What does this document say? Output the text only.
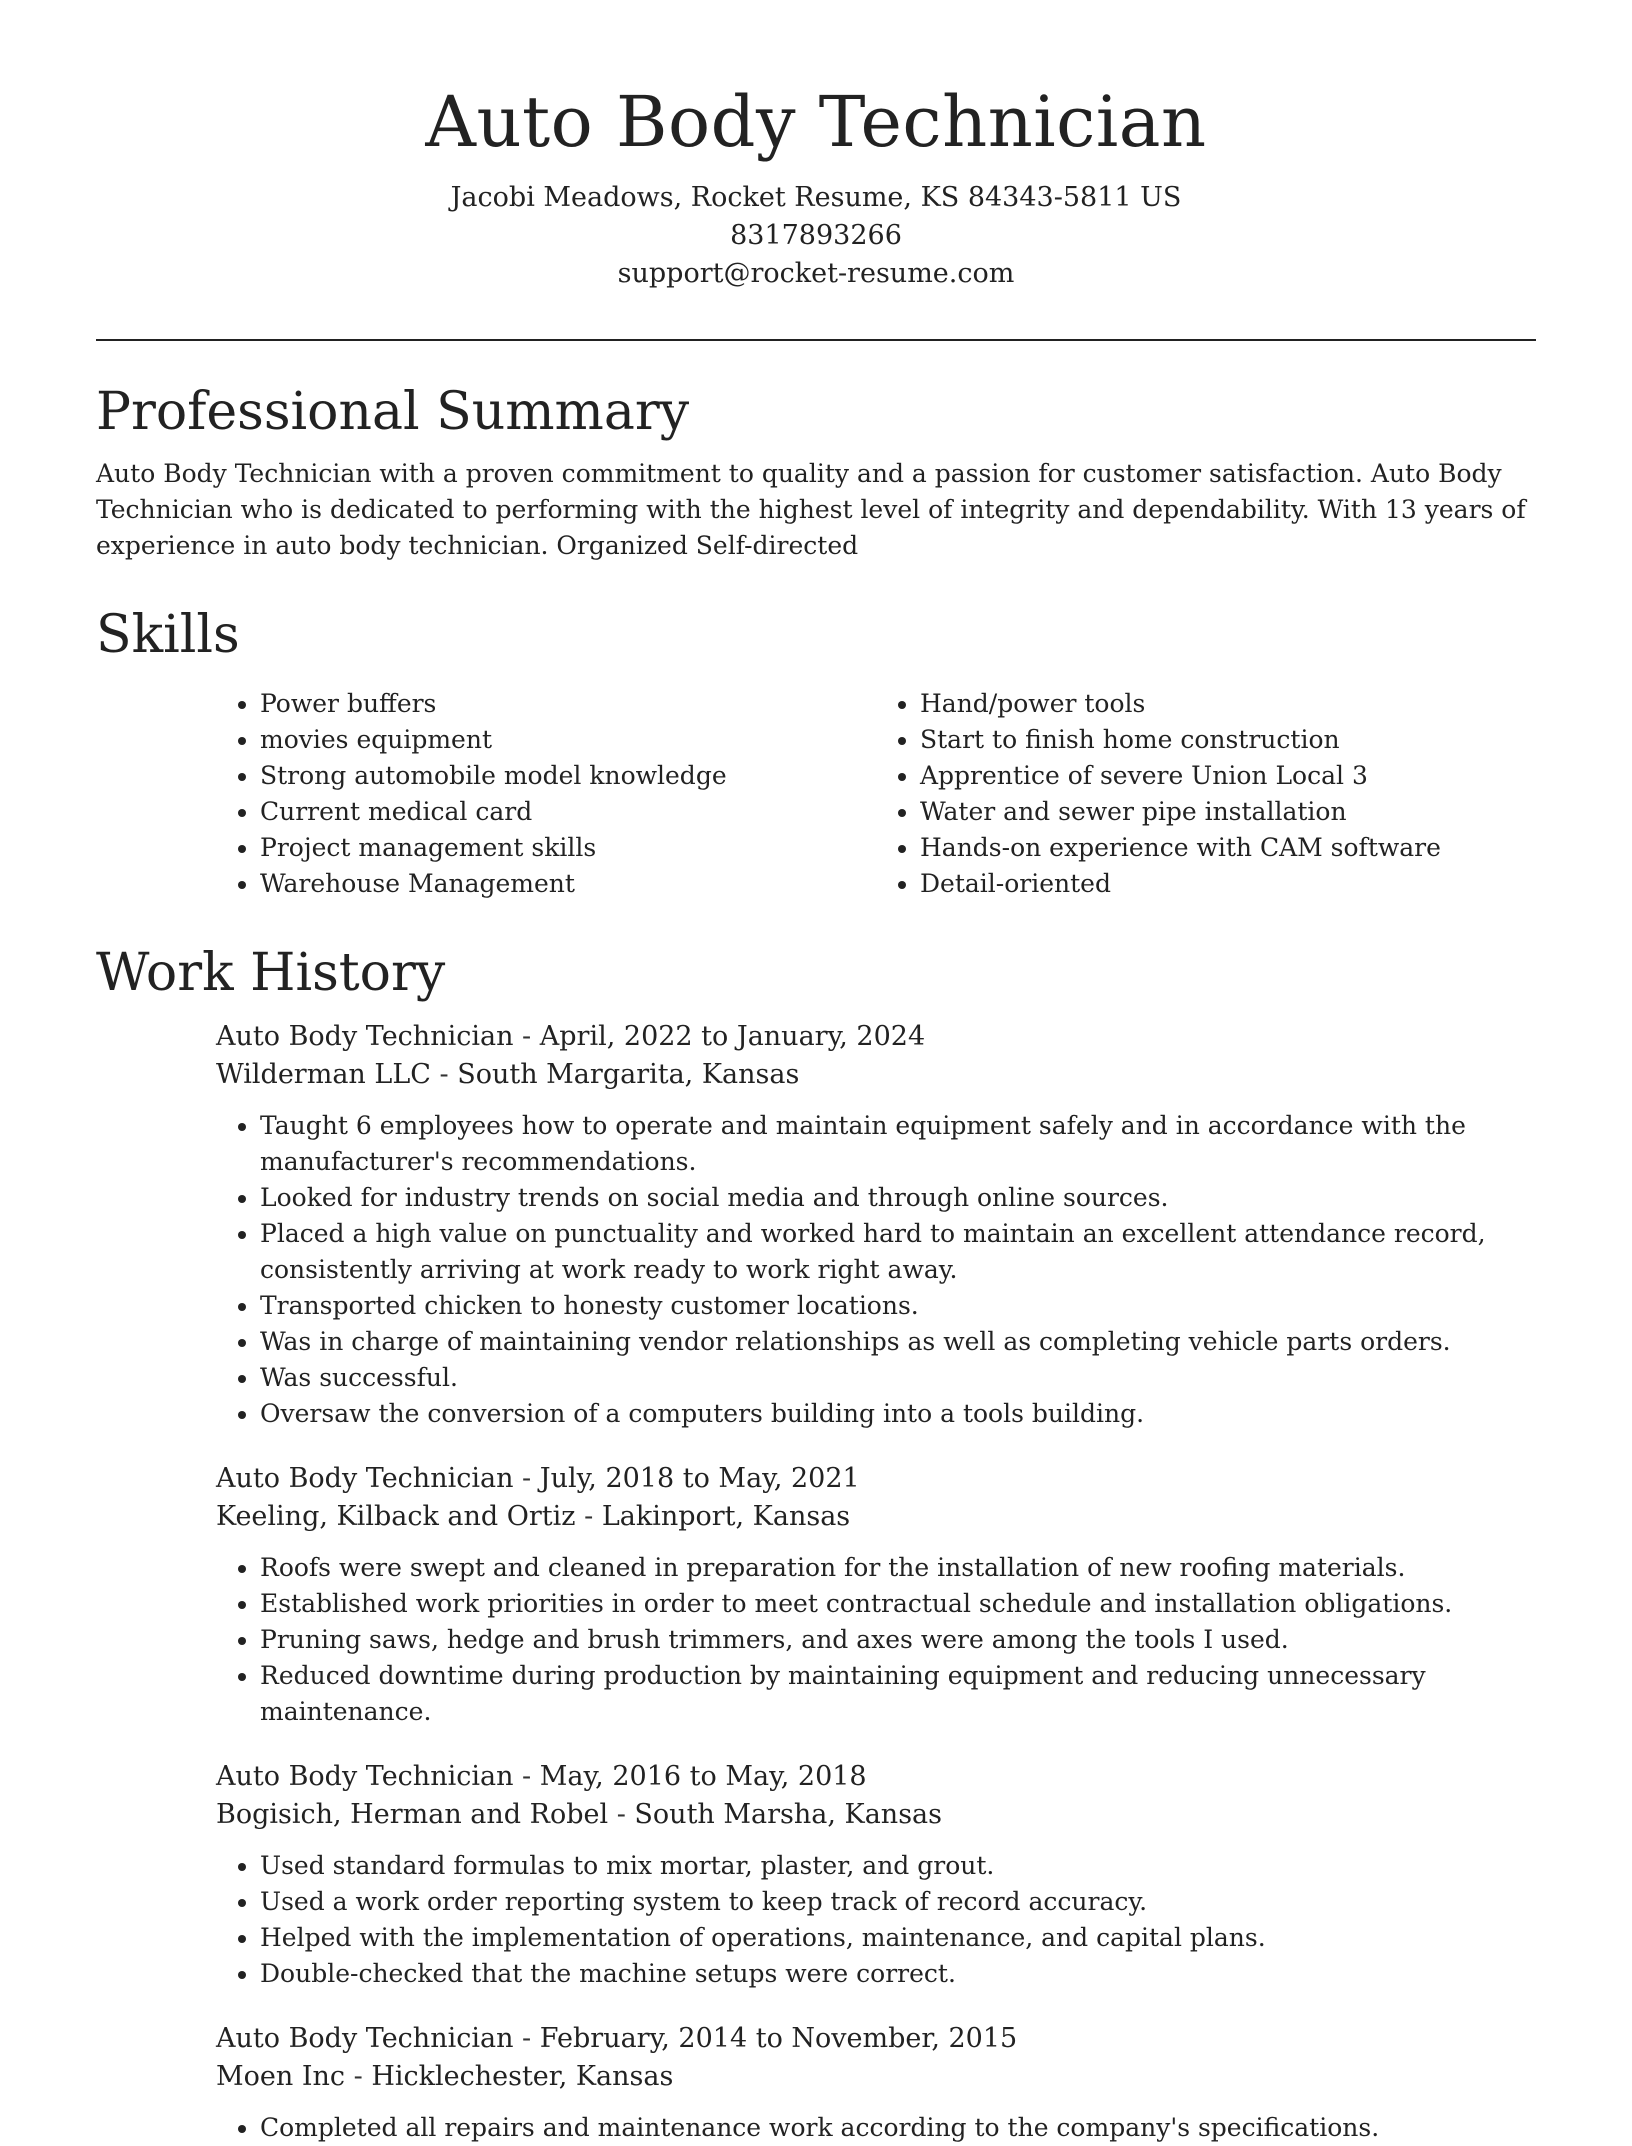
Auto Body Technician
Jacobi Meadows, Rocket Resume, KS 84343-5811 US
8317893266
support@rocket-resume.com
Professional Summary

Auto Body Technician with a proven commitment to quality and a passion for customer satisfaction. Auto Body Technician who is dedicated to performing with the highest level of integrity and dependability. With 13 years of experience in auto body technician. Organized Self-directed

Skills
• Power buffers
• movies equipment
• Strong automobile model knowledge
• Current medical card
• Project management skills
• Warehouse Management
• Hand/power tools
• Start to finish home construction
• Apprentice of severe Union Local 3
• Water and sewer pipe installation
• Hands-on experience with CAM software
• Detail-oriented
Work History
Auto Body Technician - April, 2022 to January, 2024
Wilderman LLC - South Margarita, Kansas
• Taught 6 employees how to operate and maintain equipment safely and in accordance with the manufacturer's recommendations.
• Looked for industry trends on social media and through online sources.
• Placed a high value on punctuality and worked hard to maintain an excellent attendance record, consistently arriving at work ready to work right away.
• Transported chicken to honesty customer locations.
• Was in charge of maintaining vendor relationships as well as completing vehicle parts orders.
• Was successful.
• Oversaw the conversion of a computers building into a tools building.
Auto Body Technician - July, 2018 to May, 2021
Keeling, Kilback and Ortiz - Lakinport, Kansas
• Roofs were swept and cleaned in preparation for the installation of new roofing materials.
• Established work priorities in order to meet contractual schedule and installation obligations.
• Pruning saws, hedge and brush trimmers, and axes were among the tools I used.
• Reduced downtime during production by maintaining equipment and reducing unnecessary maintenance.
Auto Body Technician - May, 2016 to May, 2018
Bogisich, Herman and Robel - South Marsha, Kansas
• Used standard formulas to mix mortar, plaster, and grout.
• Used a work order reporting system to keep track of record accuracy.
• Helped with the implementation of operations, maintenance, and capital plans.
• Double-checked that the machine setups were correct.
Auto Body Technician - February, 2014 to November, 2015
Moen Inc - Hicklechester, Kansas
• Completed all repairs and maintenance work according to the company's specifications.
